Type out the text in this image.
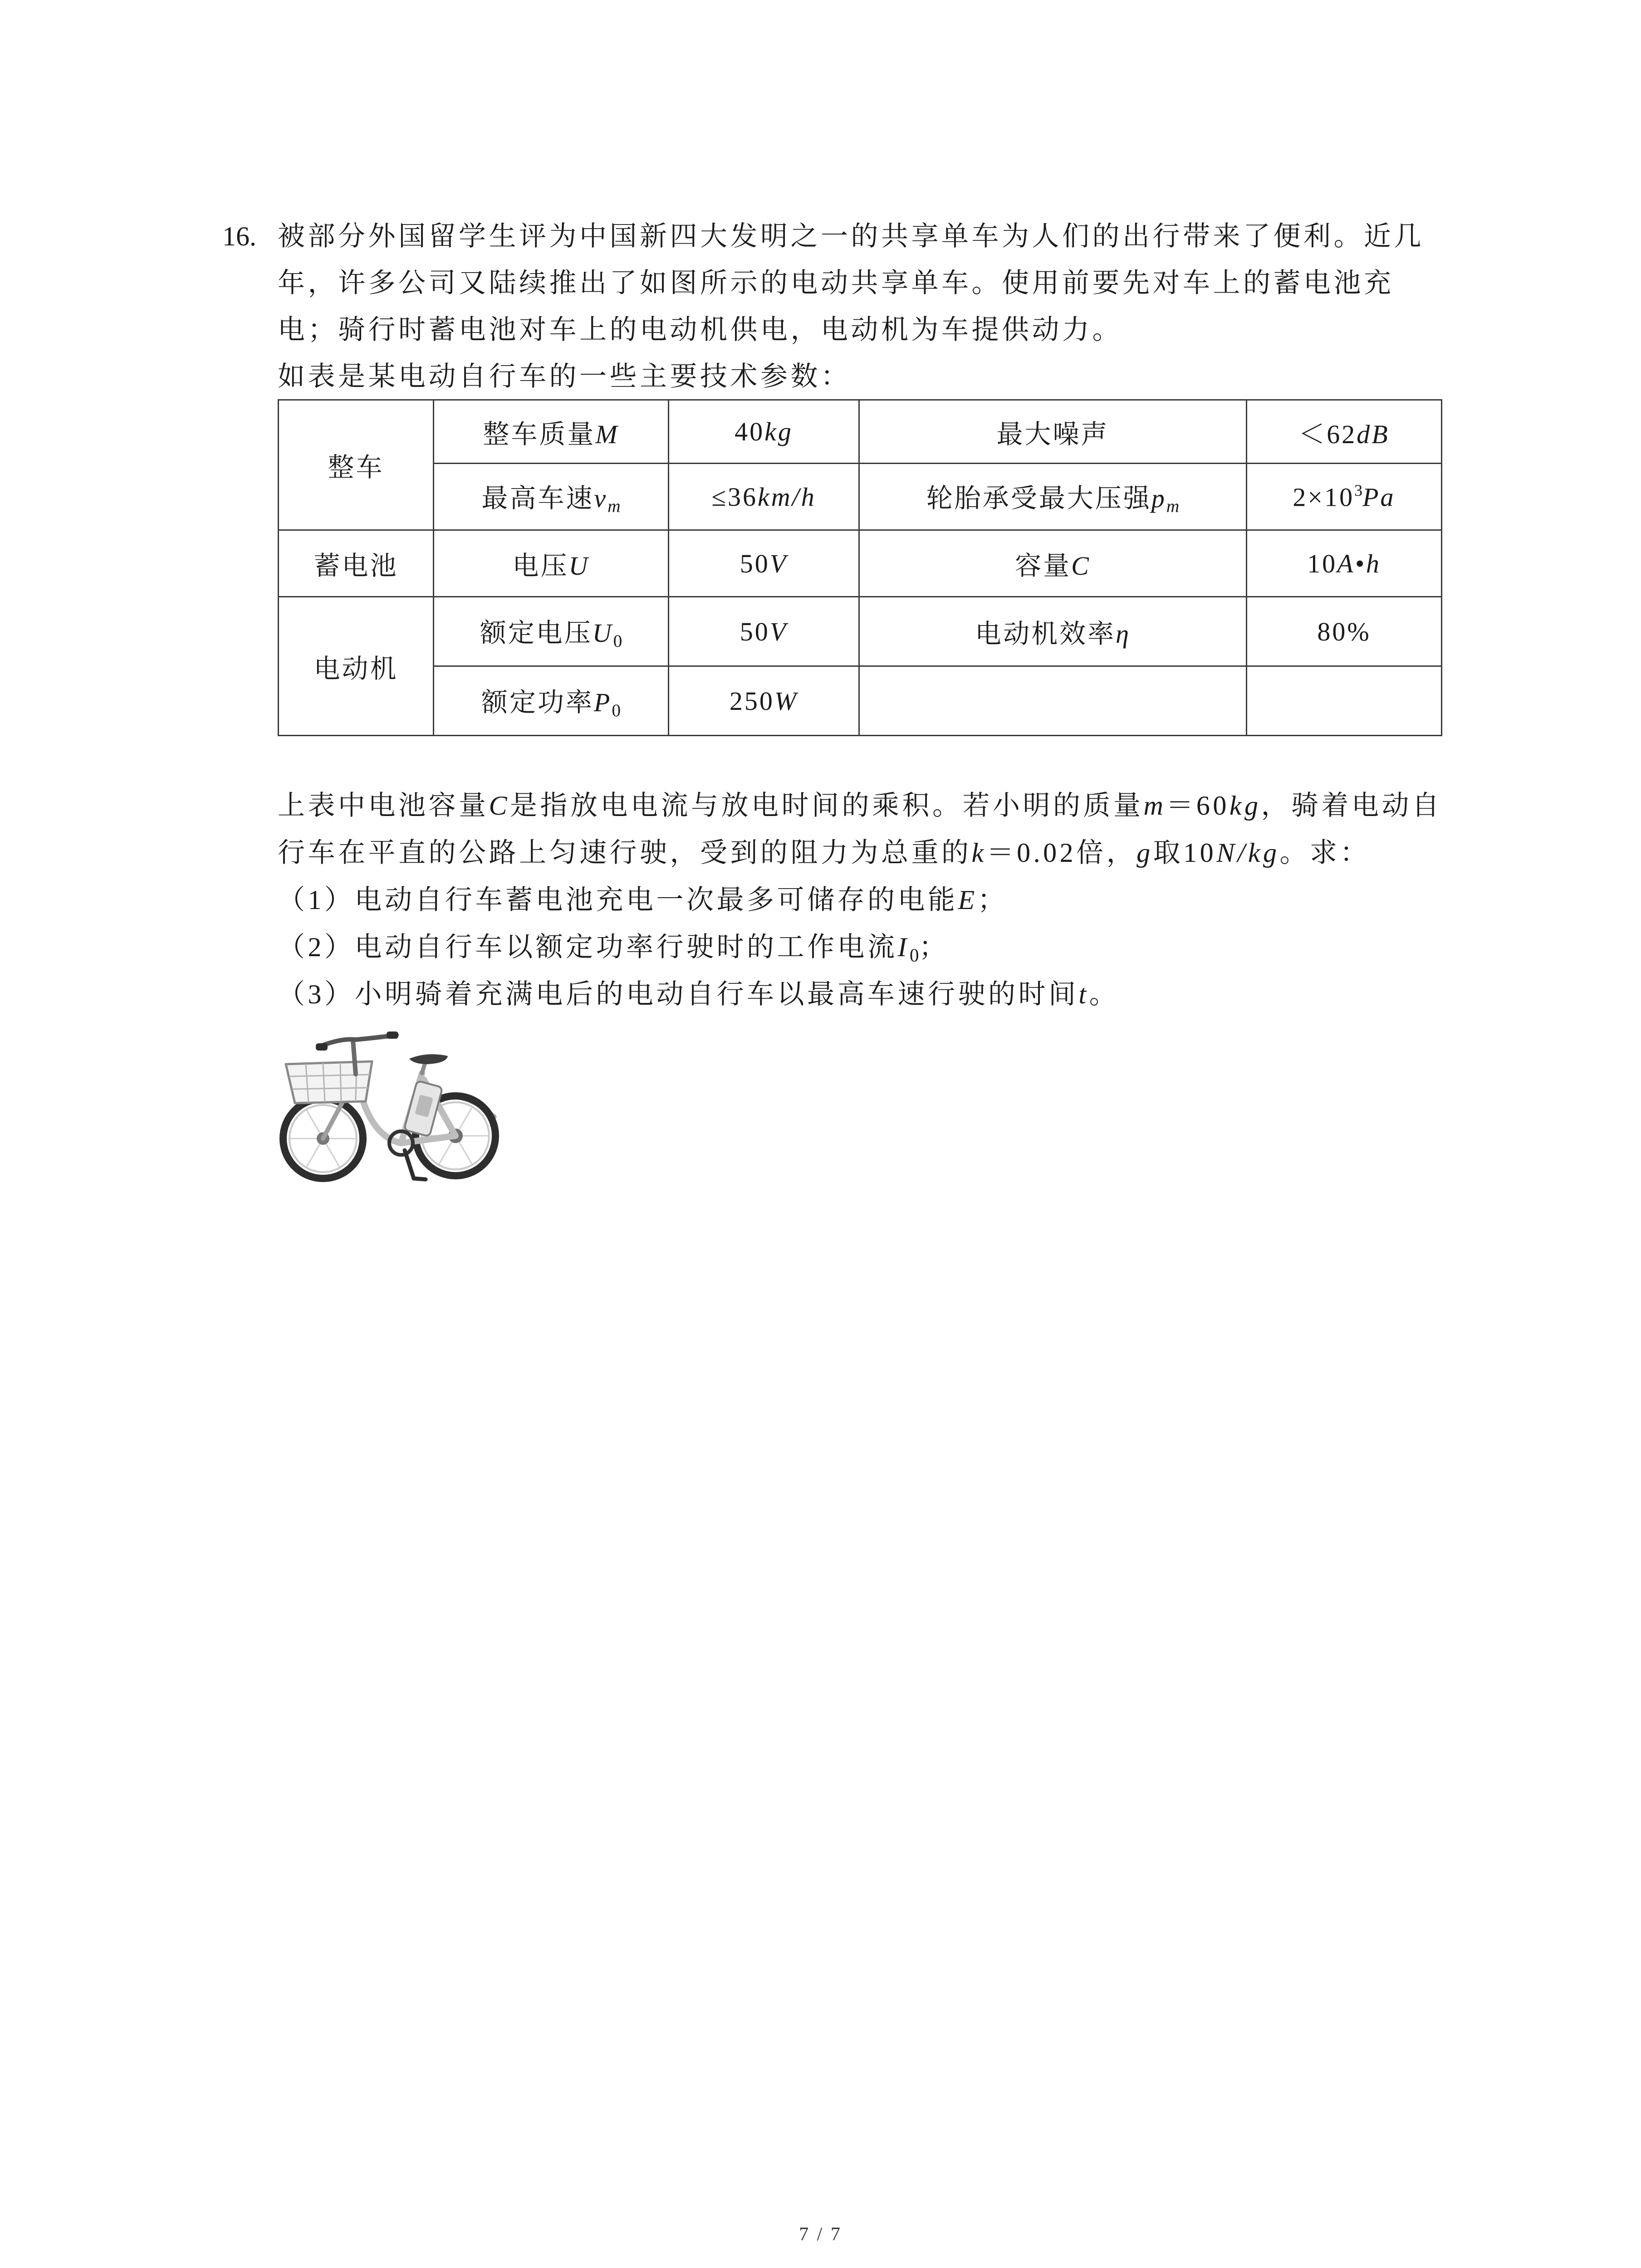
16. 被部分外国留学生评为中国新四大发明之一的共享单车为人们的出行带来了便利。近几
年，许多公司又陆续推出了如图所示的电动共享单车。使用前要先对车上的蓄电池充
电；骑行时蓄电池对车上的电动机供电，电动机为车提供动力。
如表是某电动自行车的一些主要技术参数：
整车	整车质量M	40kg	最大噪声	＜62dB
	最高车速$v_m$	≤36km/h	轮胎承受最大压强$p_m$	$2\times 10^3Pa$
蓄电池	电压U	50V	容量C	10A•h
电动机	额定电压$U_0$	50V	电动机效率η	80%
	额定功率$P_0$	250W		
上表中电池容量C是指放电电流与放电时间的乘积。若小明的质量m＝60kg，骑着电动自
行车在平直的公路上匀速行驶，受到的阻力为总重的k＝0.02倍，g取10N/kg。求：
（1）电动自行车蓄电池充电一次最多可储存的电能E；
（2）电动自行车以额定功率行驶时的工作电流$I_0$；
（3）小明骑着充满电后的电动自行车以最高车速行驶的时间t。
7 / 7
